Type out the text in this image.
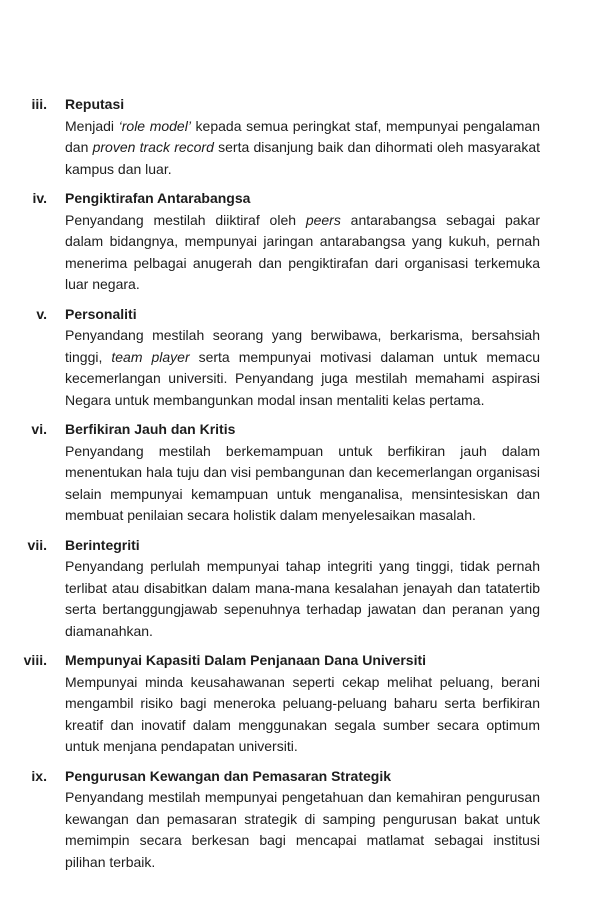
iii. Reputasi

Menjadi ‘role model’ kepada semua peringkat staf, mempunyai pengalaman dan proven track record serta disanjung baik dan dihormati oleh masyarakat kampus dan luar.

iv. Pengiktirafan Antarabangsa

Penyandang mestilah diiktiraf oleh peers antarabangsa sebagai pakar dalam bidangnya, mempunyai jaringan antarabangsa yang kukuh, pernah menerima pelbagai anugerah dan pengiktirafan dari organisasi terkemuka luar negara.

v. Personaliti

Penyandang mestilah seorang yang berwibawa, berkarisma, bersahsiah tinggi, team player serta mempunyai motivasi dalaman untuk memacu kecemerlangan universiti. Penyandang juga mestilah memahami aspirasi Negara untuk membangunkan modal insan mentaliti kelas pertama.

vi. Berfikiran Jauh dan Kritis

Penyandang mestilah berkemampuan untuk berfikiran jauh dalam menentukan hala tuju dan visi pembangunan dan kecemerlangan organisasi selain mempunyai kemampuan untuk menganalisa, mensintesiskan dan membuat penilaian secara holistik dalam menyelesaikan masalah.

vii. Berintegriti

Penyandang perlulah mempunyai tahap integriti yang tinggi, tidak pernah terlibat atau disabitkan dalam mana-mana kesalahan jenayah dan tatatertib serta bertanggungjawab sepenuhnya terhadap jawatan dan peranan yang diamanahkan.

viii. Mempunyai Kapasiti Dalam Penjanaan Dana Universiti

Mempunyai minda keusahawanan seperti cekap melihat peluang, berani mengambil risiko bagi meneroka peluang-peluang baharu serta berfikiran kreatif dan inovatif dalam menggunakan segala sumber secara optimum untuk menjana pendapatan universiti.

ix. Pengurusan Kewangan dan Pemasaran Strategik

Penyandang mestilah mempunyai pengetahuan dan kemahiran pengurusan kewangan dan pemasaran strategik di samping pengurusan bakat untuk memimpin secara berkesan bagi mencapai matlamat sebagai institusi pilihan terbaik.
